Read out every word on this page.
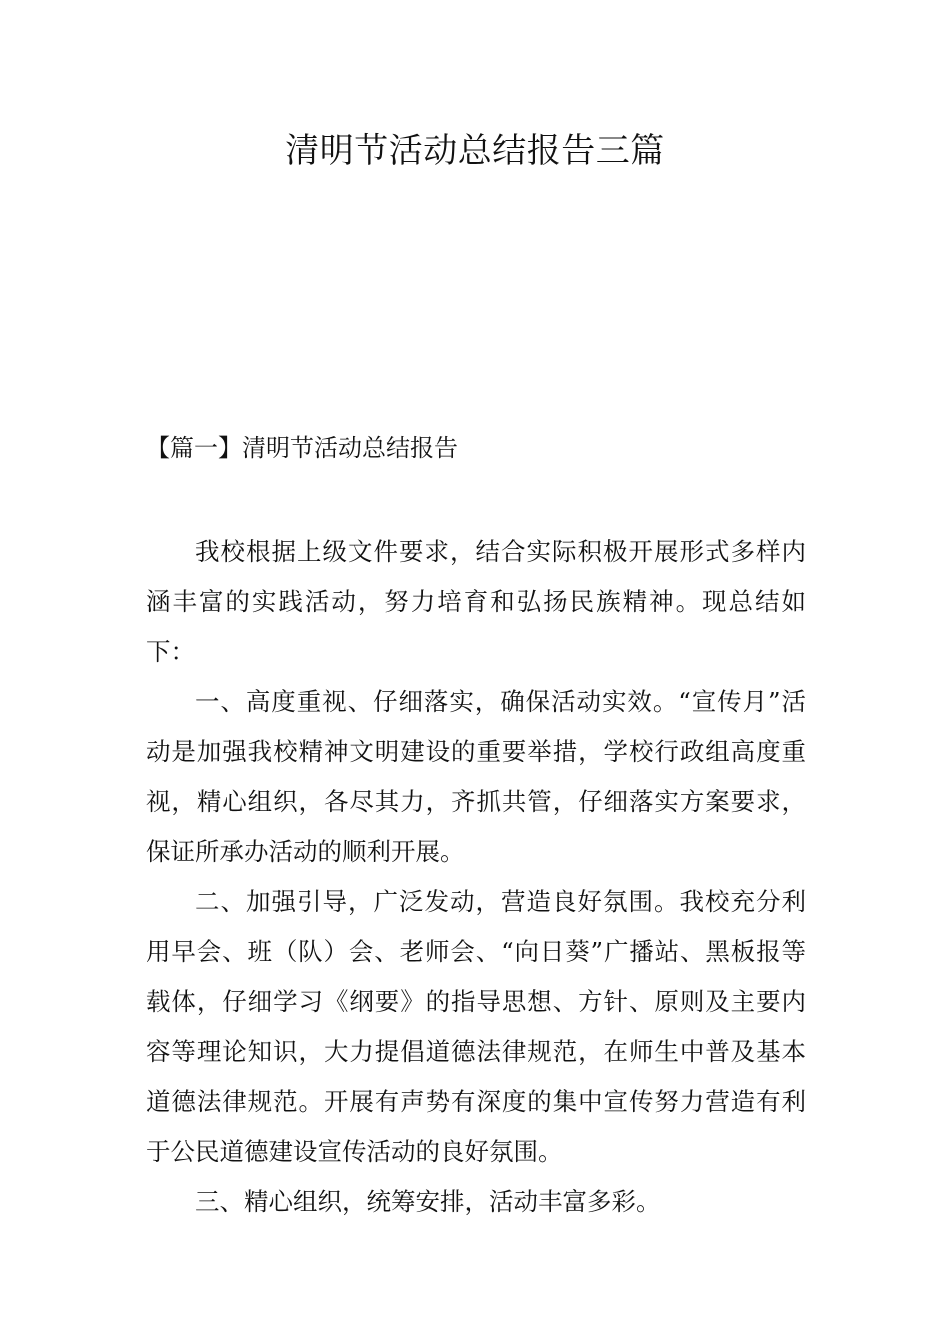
清明节活动总结报告三篇
【篇一】清明节活动总结报告

我校根据上级文件要求，结合实际积极开展形式多样内涵丰富的实践活动，努力培育和弘扬民族精神。现总结如下：

一、高度重视、仔细落实，确保活动实效。“宣传月”活动是加强我校精神文明建设的重要举措，学校行政组高度重视，精心组织，各尽其力，齐抓共管，仔细落实方案要求，保证所承办活动的顺利开展。

二、加强引导，广泛发动，营造良好氛围。我校充分利用早会、班（队）会、老师会、“向日葵”广播站、黑板报等载体，仔细学习《纲要》的指导思想、方针、原则及主要内容等理论知识，大力提倡道德法律规范，在师生中普及基本道德法律规范。开展有声势有深度的集中宣传努力营造有利于公民道德建设宣传活动的良好氛围。

三、精心组织，统筹安排，活动丰富多彩。
